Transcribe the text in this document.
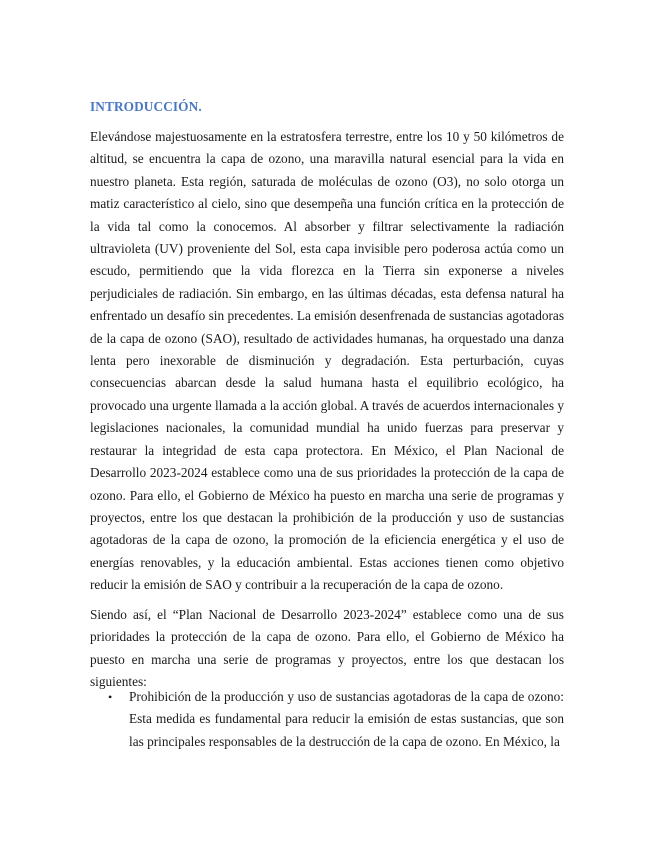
INTRODUCCIÓN.

Elevándose majestuosamente en la estratosfera terrestre, entre los 10 y 50 kilómetros de altitud, se encuentra la capa de ozono, una maravilla natural esencial para la vida en nuestro planeta. Esta región, saturada de moléculas de ozono (O3), no solo otorga un matiz característico al cielo, sino que desempeña una función crítica en la protección de la vida tal como la conocemos. Al absorber y filtrar selectivamente la radiación ultravioleta (UV) proveniente del Sol, esta capa invisible pero poderosa actúa como un escudo, permitiendo que la vida florezca en la Tierra sin exponerse a niveles perjudiciales de radiación. Sin embargo, en las últimas décadas, esta defensa natural ha enfrentado un desafío sin precedentes. La emisión desenfrenada de sustancias agotadoras de la capa de ozono (SAO), resultado de actividades humanas, ha orquestado una danza lenta pero inexorable de disminución y degradación. Esta perturbación, cuyas consecuencias abarcan desde la salud humana hasta el equilibrio ecológico, ha provocado una urgente llamada a la acción global. A través de acuerdos internacionales y legislaciones nacionales, la comunidad mundial ha unido fuerzas para preservar y restaurar la integridad de esta capa protectora. En México, el Plan Nacional de Desarrollo 2023-2024 establece como una de sus prioridades la protección de la capa de ozono. Para ello, el Gobierno de México ha puesto en marcha una serie de programas y proyectos, entre los que destacan la prohibición de la producción y uso de sustancias agotadoras de la capa de ozono, la promoción de la eficiencia energética y el uso de energías renovables, y la educación ambiental. Estas acciones tienen como objetivo reducir la emisión de SAO y contribuir a la recuperación de la capa de ozono.

Siendo así, el “Plan Nacional de Desarrollo 2023-2024” establece como una de sus prioridades la protección de la capa de ozono. Para ello, el Gobierno de México ha puesto en marcha una serie de programas y proyectos, entre los que destacan los siguientes:

• Prohibición de la producción y uso de sustancias agotadoras de la capa de ozono: Esta medida es fundamental para reducir la emisión de estas sustancias, que son las principales responsables de la destrucción de la capa de ozono. En México, la
